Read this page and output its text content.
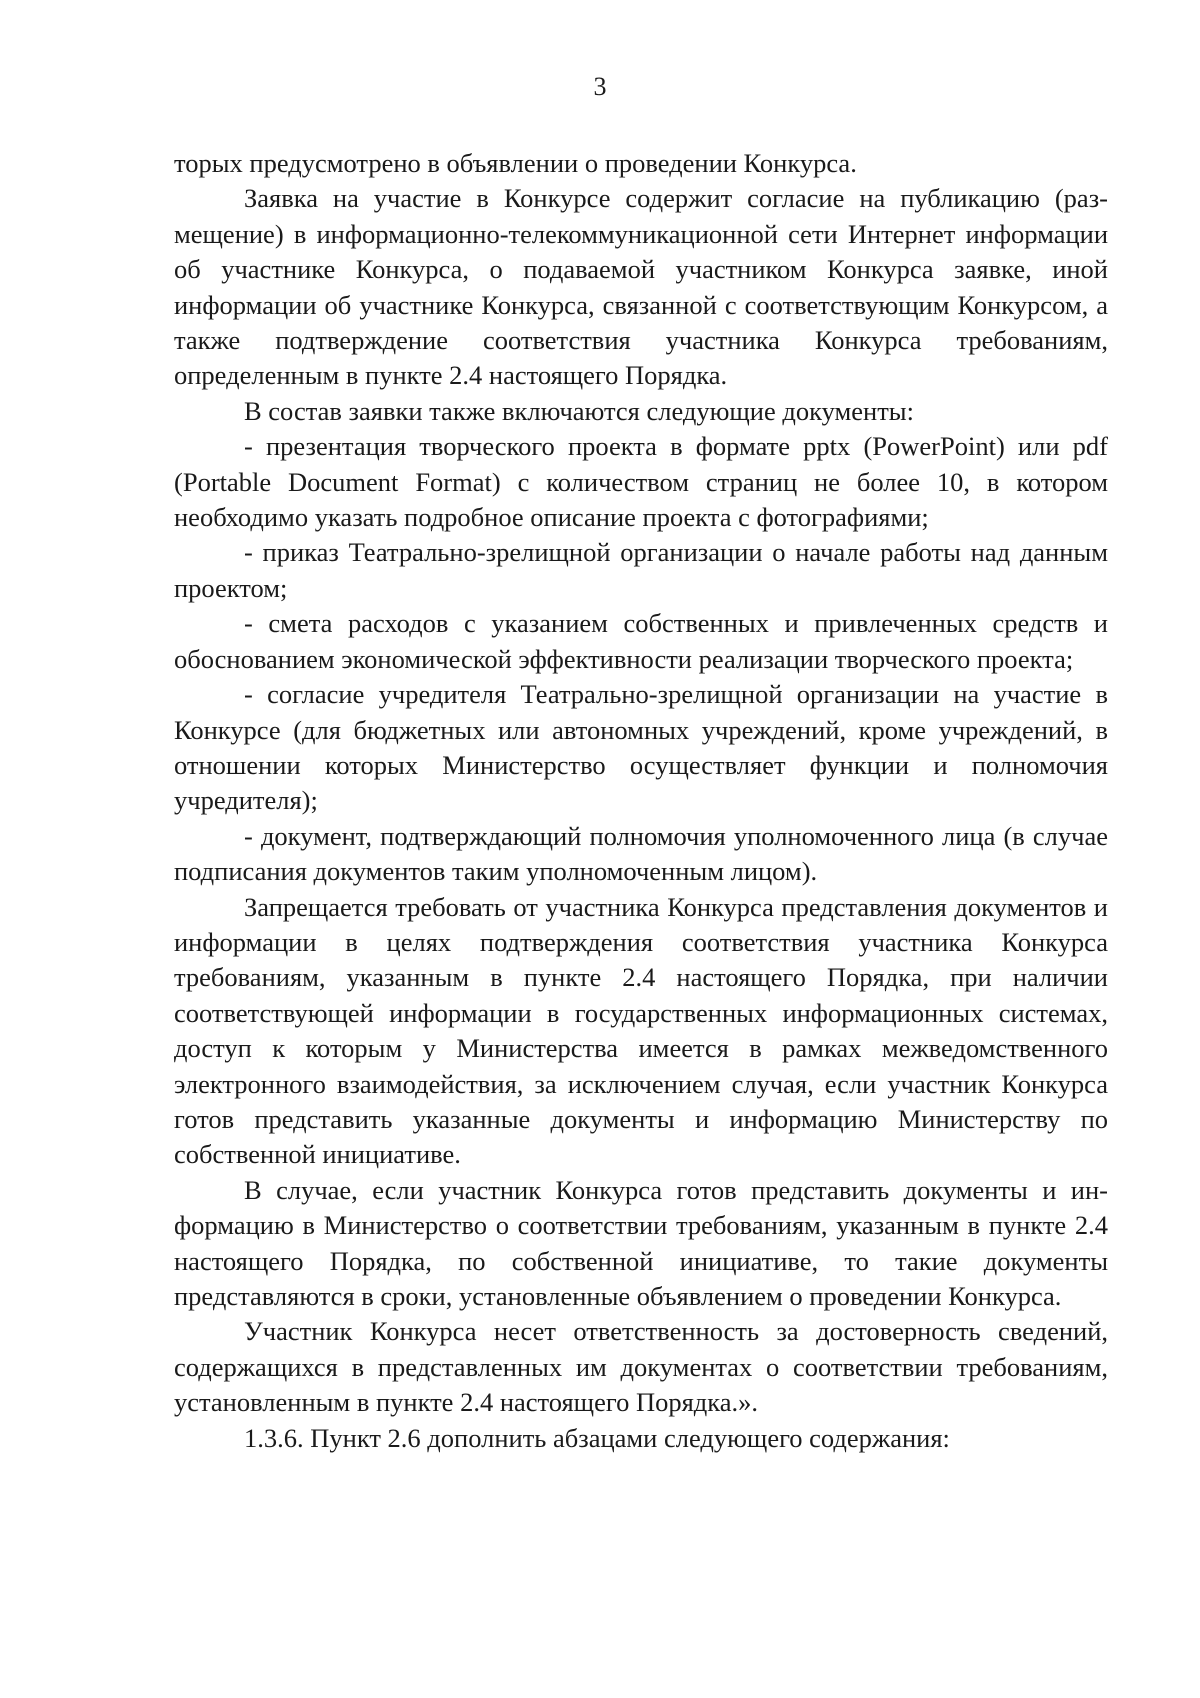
3

торых предусмотрено в объявлении о проведении Конкурса.

Заявка на участие в Конкурсе содержит согласие на публикацию (размещение) в информационно-телекоммуникационной сети Интернет информации об участнике Конкурса, о подаваемой участником Конкурса заявке, иной информации об участнике Конкурса, связанной с соответствующим Конкурсом, а также подтверждение соответствия участника Конкурса требованиям, определенным в пункте 2.4 настоящего Порядка.

В состав заявки также включаются следующие документы:

- презентация творческого проекта в формате pptx (PowerPoint) или pdf (Portable Document Format) с количеством страниц не более 10, в котором необходимо указать подробное описание проекта с фотографиями;

- приказ Театрально-зрелищной организации о начале работы над данным проектом;

- смета расходов с указанием собственных и привлеченных средств и обоснованием экономической эффективности реализации творческого проекта;

- согласие учредителя Театрально-зрелищной организации на участие в Конкурсе (для бюджетных или автономных учреждений, кроме учреждений, в отношении которых Министерство осуществляет функции и полномочия учредителя);

- документ, подтверждающий полномочия уполномоченного лица (в случае подписания документов таким уполномоченным лицом).

Запрещается требовать от участника Конкурса представления документов и информации в целях подтверждения соответствия участника Конкурса требованиям, указанным в пункте 2.4 настоящего Порядка, при наличии соответствующей информации в государственных информационных системах, доступ к которым у Министерства имеется в рамках межведомственного электронного взаимодействия, за исключением случая, если участник Конкурса готов представить указанные документы и информацию Министерству по собственной инициативе.

В случае, если участник Конкурса готов представить документы и информацию в Министерство о соответствии требованиям, указанным в пункте 2.4 настоящего Порядка, по собственной инициативе, то такие документы представляются в сроки, установленные объявлением о проведении Конкурса.

Участник Конкурса несет ответственность за достоверность сведений, содержащихся в представленных им документах о соответствии требованиям, установленным в пункте 2.4 настоящего Порядка.».

1.3.6. Пункт 2.6 дополнить абзацами следующего содержания:
